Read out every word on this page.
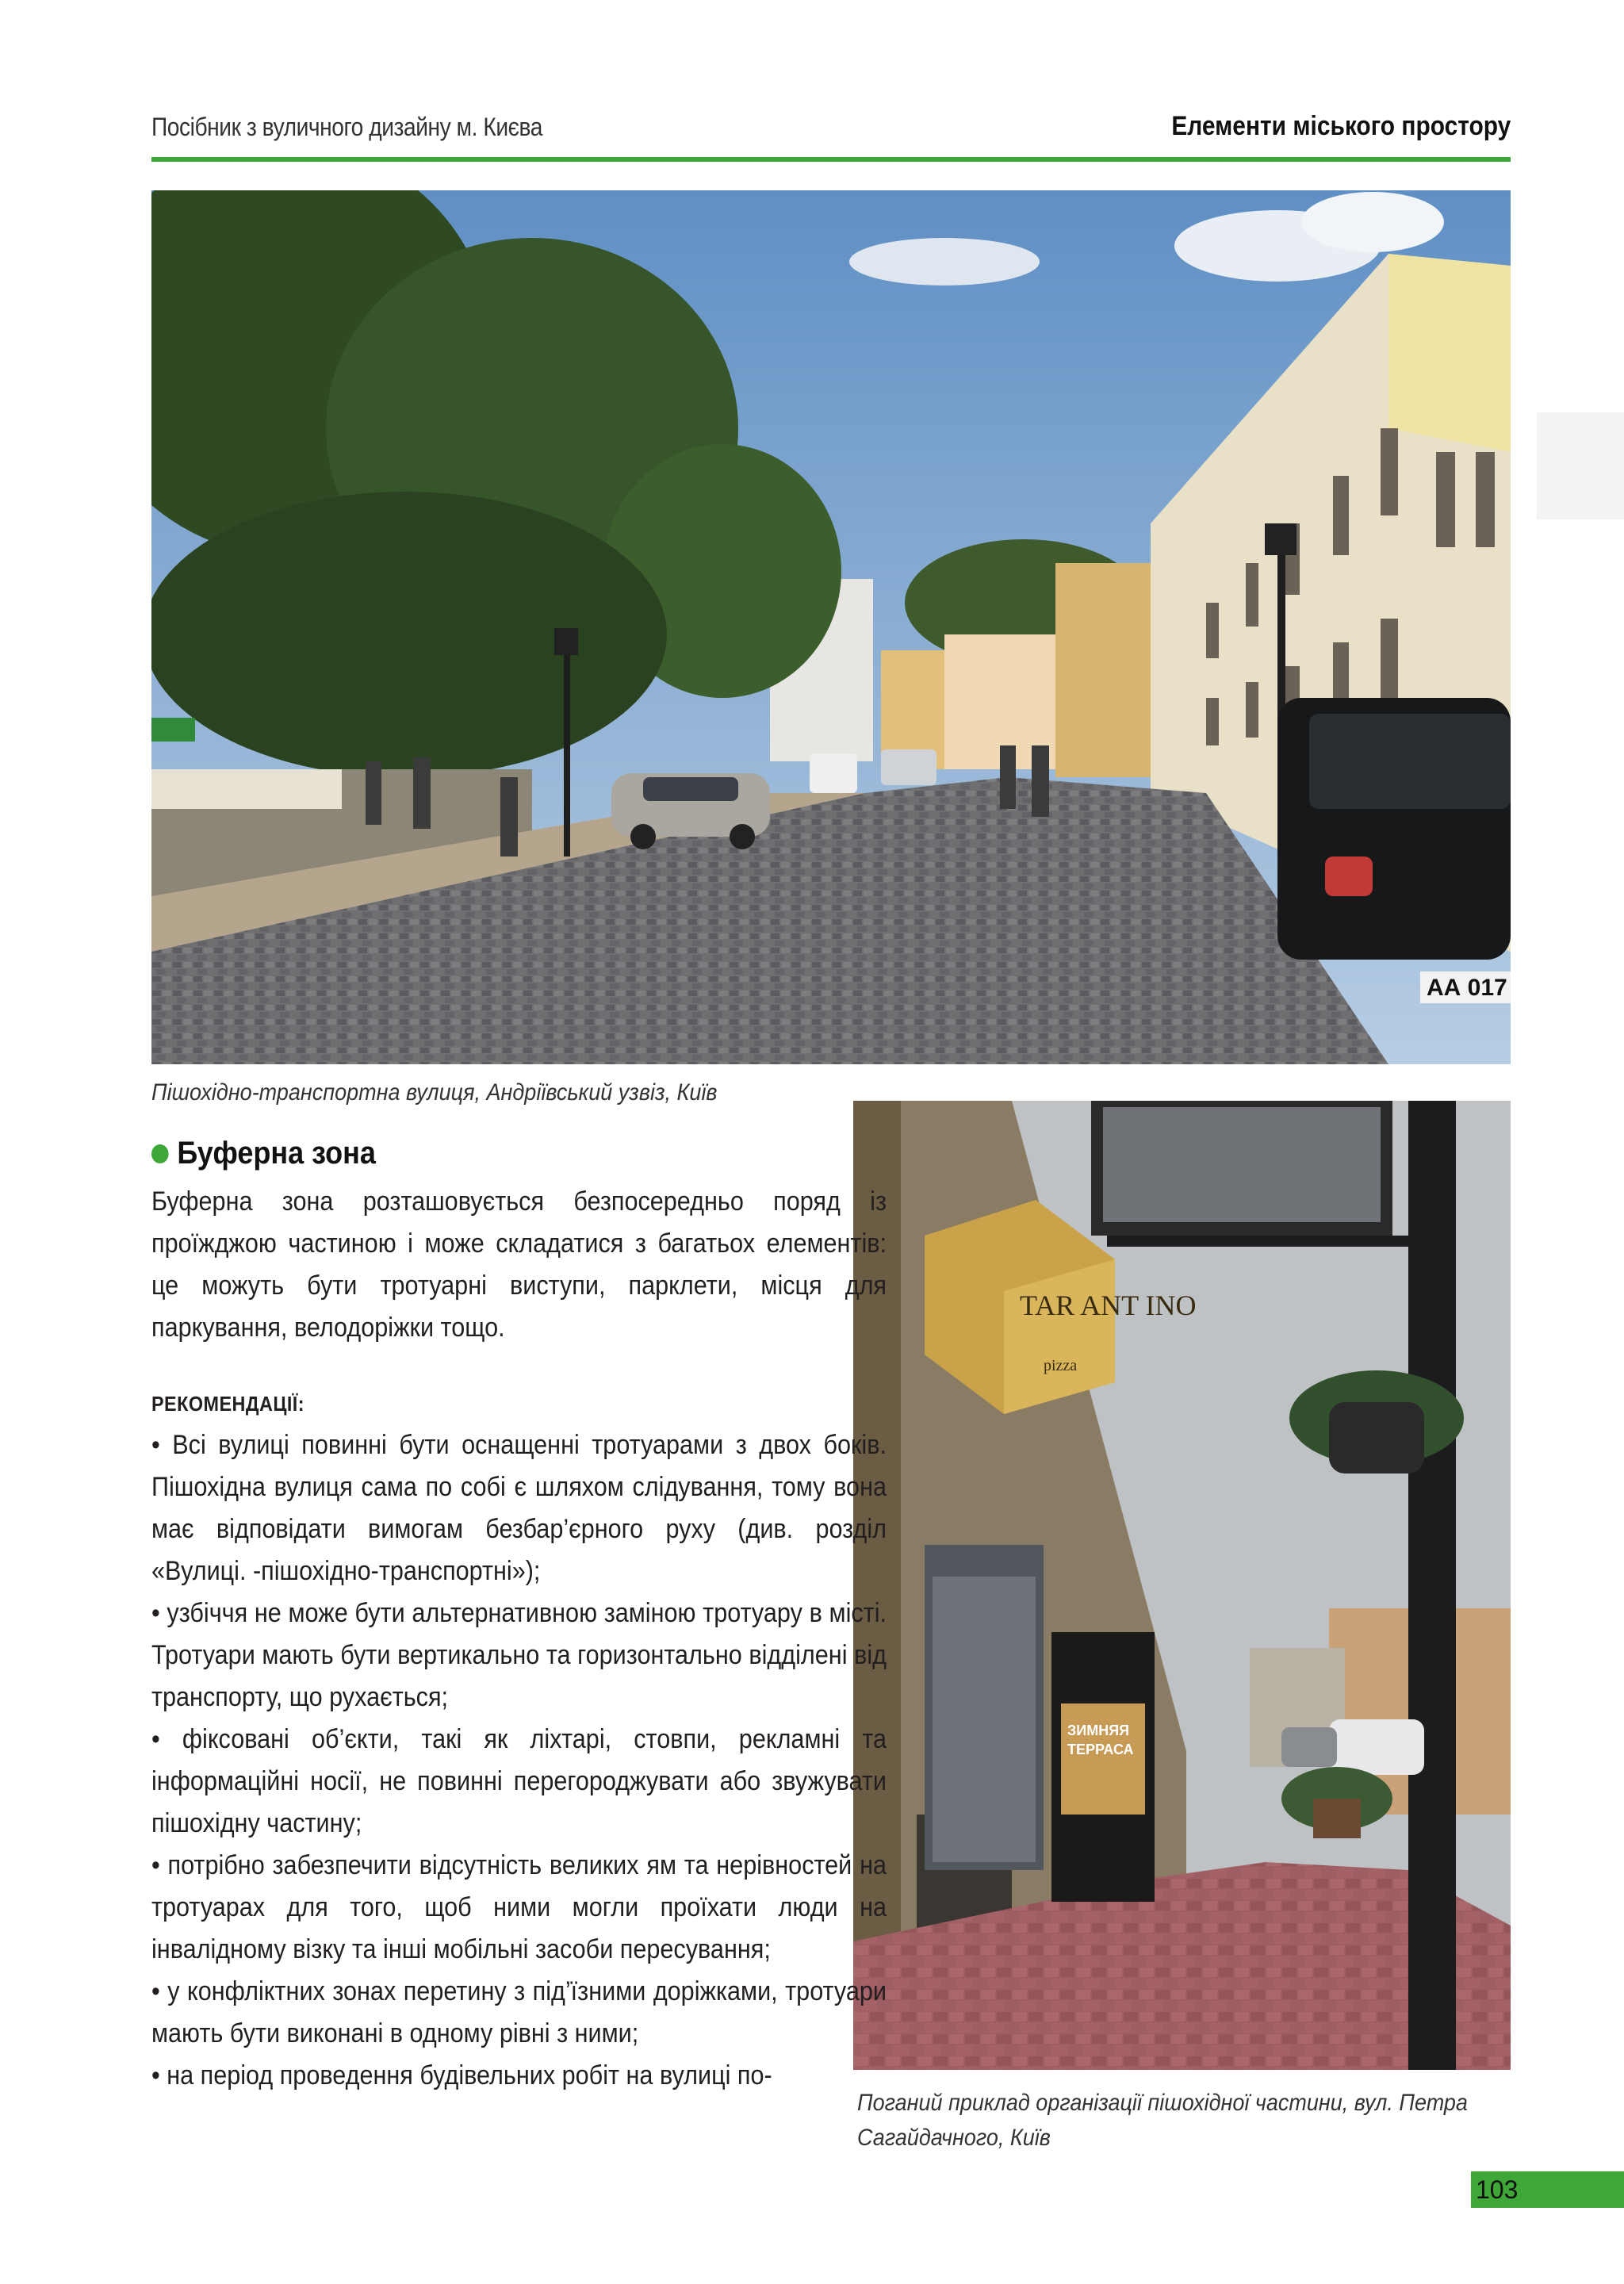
Посібник з вуличного дизайну м. Києва	Елементи міського простору
АА 017
Пішохідно-транспортна вулиця, Андріївський узвіз, Київ
TAR ANT INO
pizza
ЗИМНЯЯ
ТЕРРАСА
Поганий приклад організації пішохідної частини, вул. Петра Сагайдачного, Київ
Буферна зона

Буферна зона розташовується безпосередньо поряд із проїжджою частиною і може складатися з багатьох елементів: це можуть бути тротуарні виступи, парклети, місця для паркування, велодоріжки тощо.

РЕКОМЕНДАЦІЇ:

• Всі вулиці повинні бути оснащенні тротуарами з двох боків. Пішохідна вулиця сама по собі є шляхом слідування, тому вона має відповідати вимогам безбар’єрного руху (див. розділ «Вулиці. -пішохідно-транспортні»);

• узбіччя не може бути альтернативною заміною тротуару в місті. Тротуари мають бути вертикально та горизонтально відділені від транспорту, що рухається;

• фіксовані об’єкти, такі як ліхтарі, стовпи, рекламні та інформаційні носії, не повинні перегороджувати або звужувати пішохідну частину;

• потрібно забезпечити відсутність великих ям та нерівностей на тротуарах для того, щоб ними могли проїхати люди на інвалідному візку та інші мобільні засоби пересування;

• у конфліктних зонах перетину з під’їзними доріжками, тротуари мають бути виконані в одному рівні з ними;

• на період проведення будівельних робіт на вулиці по-

103
